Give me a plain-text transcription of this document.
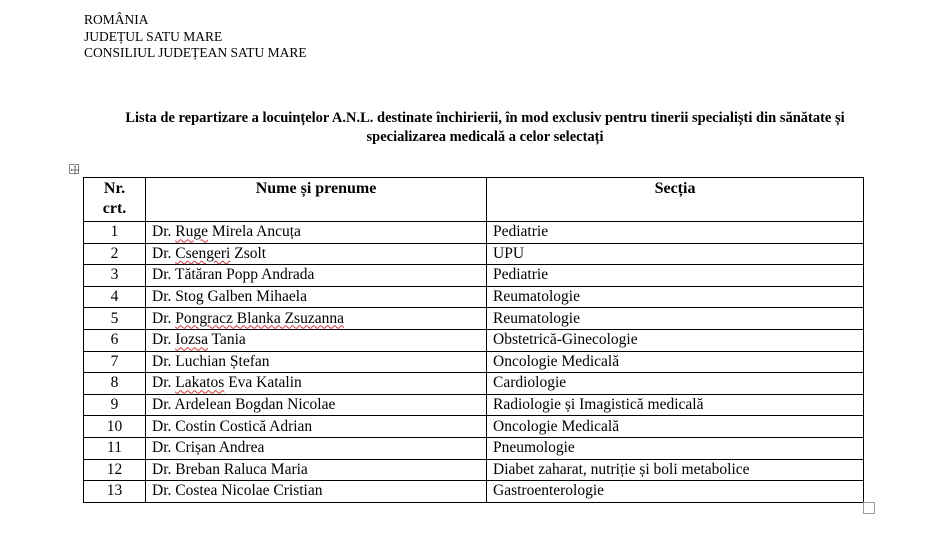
ROMÂNIA
JUDEȚUL SATU MARE
CONSILIUL JUDEȚEAN SATU MARE
Lista de repartizare a locuințelor A.N.L. destinate închirierii, în mod exclusiv pentru tinerii specialiști din sănătate și
specializarea medicală a celor selectați
Nr.
crt.	Nume și prenume	Secția
1	Dr. Ruge Mirela Ancuța	Pediatrie
2	Dr. Csengeri Zsolt	UPU
3	Dr. Tătăran Popp Andrada	Pediatrie
4	Dr. Stog Galben Mihaela	Reumatologie
5	Dr. Pongracz Blanka Zsuzanna	Reumatologie
6	Dr. Iozsa Tania	Obstetrică-Ginecologie
7	Dr. Luchian Ștefan	Oncologie Medicală
8	Dr. Lakatos Eva Katalin	Cardiologie
9	Dr. Ardelean Bogdan Nicolae	Radiologie și Imagistică medicală
10	Dr. Costin Costică Adrian	Oncologie Medicală
11	Dr. Crișan Andrea	Pneumologie
12	Dr. Breban Raluca Maria	Diabet zaharat, nutriție și boli metabolice
13	Dr. Costea Nicolae Cristian	Gastroenterologie
